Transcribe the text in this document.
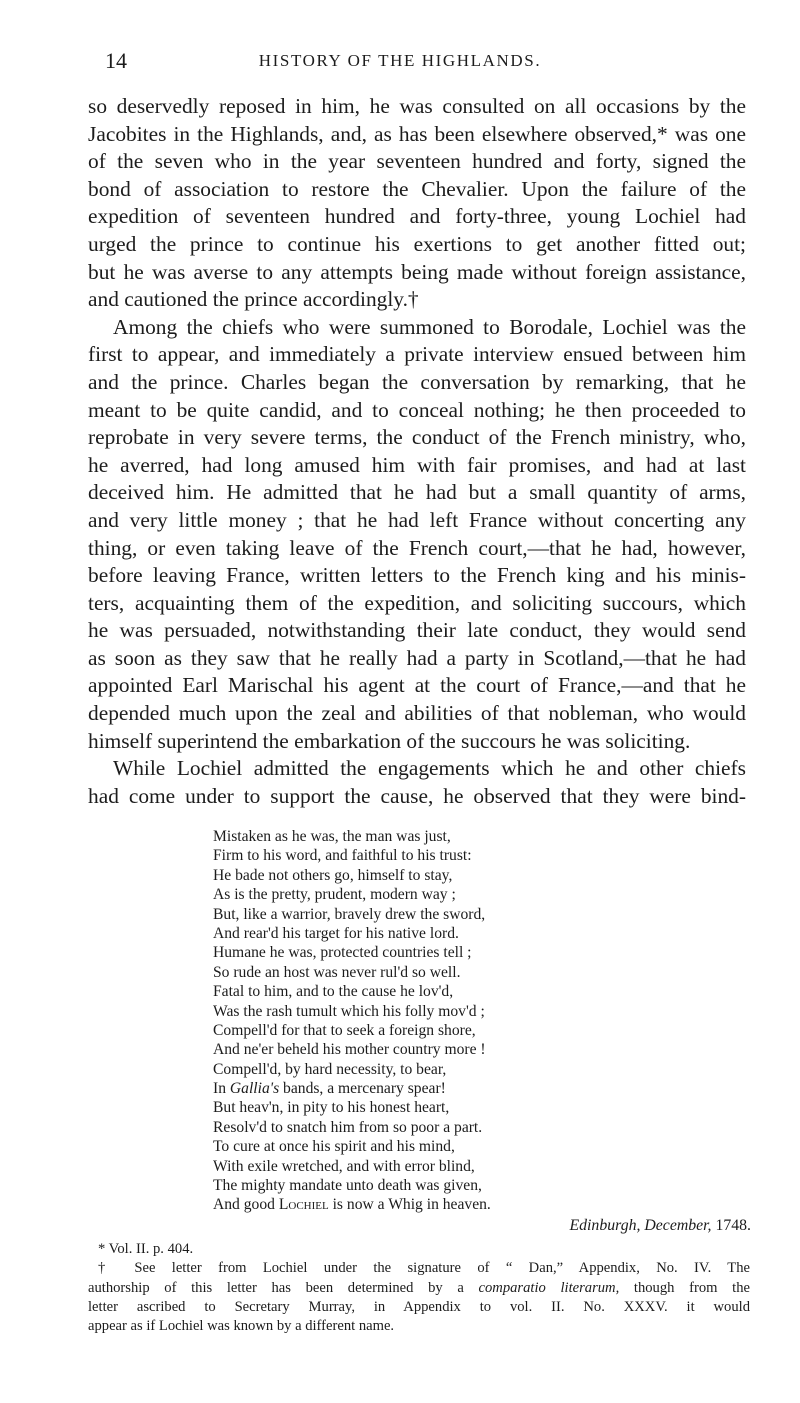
14	HISTORY OF THE HIGHLANDS.
so deservedly reposed in him, he was consulted on all occasions by the
Jacobites in the Highlands, and, as has been elsewhere observed,* was one
of the seven who in the year seventeen hundred and forty, signed the
bond of association to restore the Chevalier. Upon the failure of the
expedition of seventeen hundred and forty-three, young Lochiel had
urged the prince to continue his exertions to get another fitted out;
but he was averse to any attempts being made without foreign assistance,
and cautioned the prince accordingly.†
Among the chiefs who were summoned to Borodale, Lochiel was the
first to appear, and immediately a private interview ensued between him
and the prince. Charles began the conversation by remarking, that he
meant to be quite candid, and to conceal nothing; he then proceeded to
reprobate in very severe terms, the conduct of the French ministry, who,
he averred, had long amused him with fair promises, and had at last
deceived him. He admitted that he had but a small quantity of arms,
and very little money ; that he had left France without concerting any
thing, or even taking leave of the French court,—that he had, however,
before leaving France, written letters to the French king and his minis-
ters, acquainting them of the expedition, and soliciting succours, which
he was persuaded, notwithstanding their late conduct, they would send
as soon as they saw that he really had a party in Scotland,—that he had
appointed Earl Marischal his agent at the court of France,—and that he
depended much upon the zeal and abilities of that nobleman, who would
himself superintend the embarkation of the succours he was soliciting.
While Lochiel admitted the engagements which he and other chiefs
had come under to support the cause, he observed that they were bind-
Mistaken as he was, the man was just,
Firm to his word, and faithful to his trust:
He bade not others go, himself to stay,
As is the pretty, prudent, modern way ;
But, like a warrior, bravely drew the sword,
And rear'd his target for his native lord.
Humane he was, protected countries tell ;
So rude an host was never rul'd so well.
Fatal to him, and to the cause he lov'd,
Was the rash tumult which his folly mov'd ;
Compell'd for that to seek a foreign shore,
And ne'er beheld his mother country more !
Compell'd, by hard necessity, to bear,
In Gallia's bands, a mercenary spear!
But heav'n, in pity to his honest heart,
Resolv'd to snatch him from so poor a part.
To cure at once his spirit and his mind,
With exile wretched, and with error blind,
The mighty mandate unto death was given,
And good Lochiel is now a Whig in heaven.
Edinburgh, December, 1748.
* Vol. II. p. 404.
† See letter from Lochiel under the signature of “ Dan,” Appendix, No. IV. The
authorship of this letter has been determined by a comparatio literarum, though from the
letter ascribed to Secretary Murray, in Appendix to vol. II. No. XXXV. it would
appear as if Lochiel was known by a different name.
